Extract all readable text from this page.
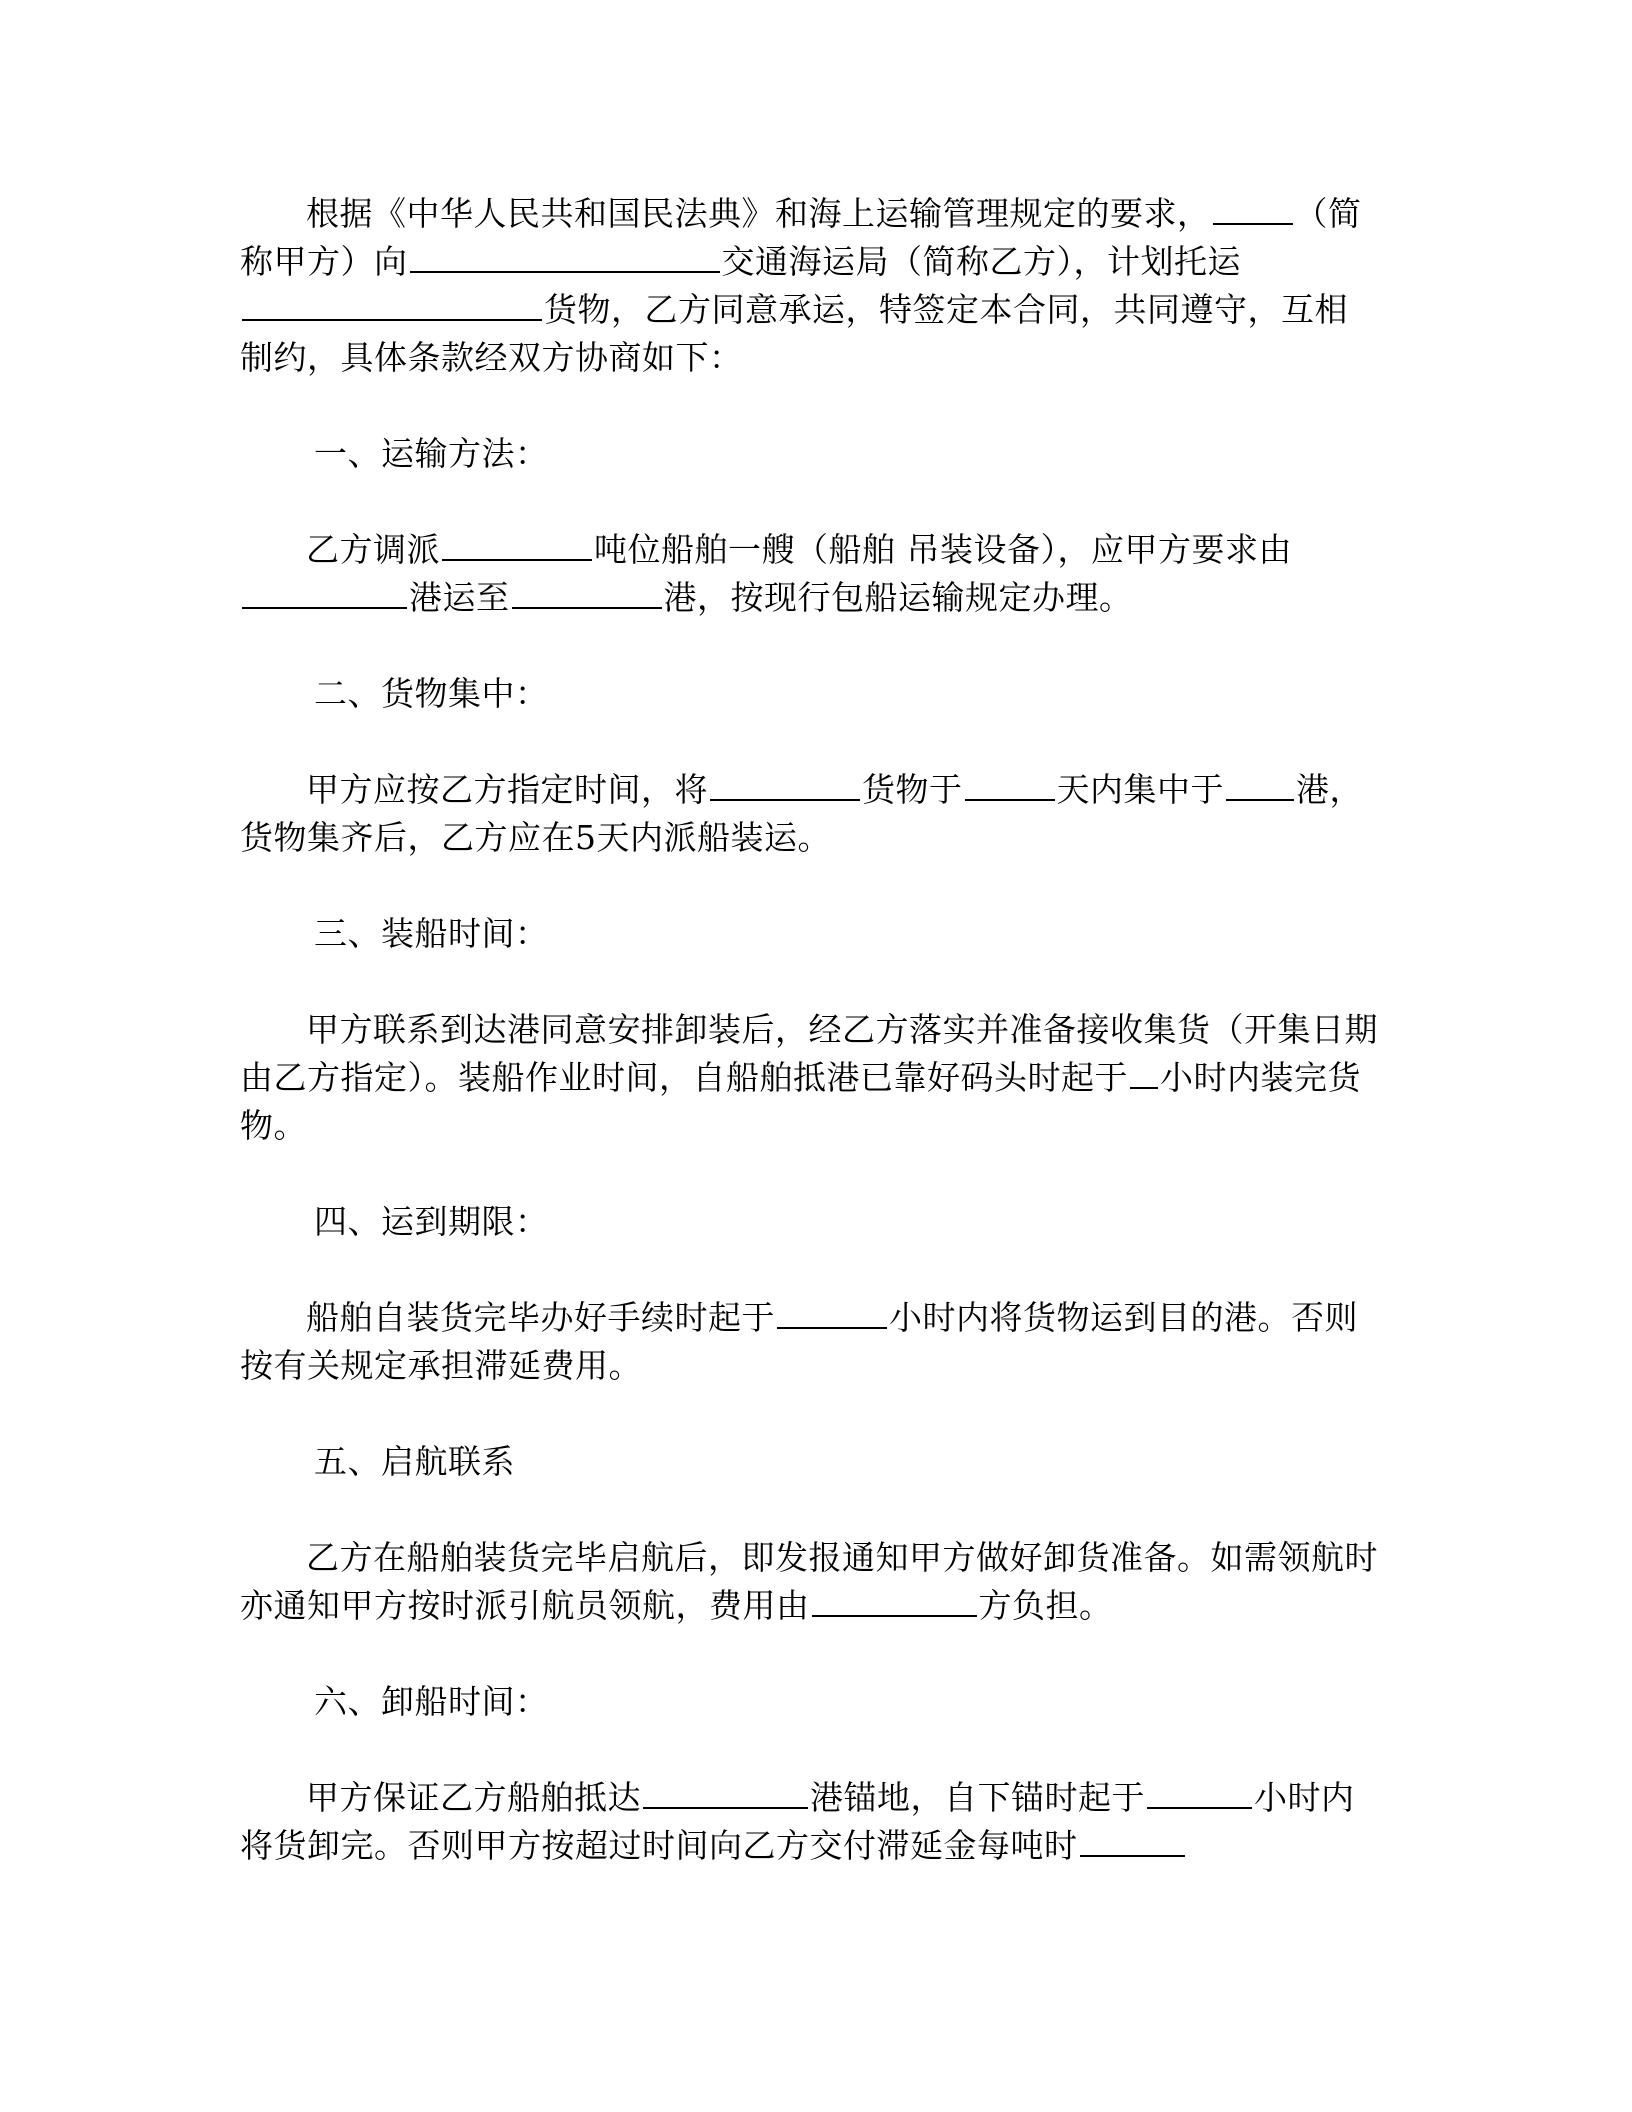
根据《中华人民共和国民法典》和海上运输管理规定的要求，	（简称甲方）向	交通海运局（简称乙方），计划托运货物，乙方同意承运，特签定本合同，共同遵守，互相制约，具体条款经双方协商如下：

一、运输方法：

乙方调派	吨位船舶一艘（船舶 吊装设备），应甲方要求由港运至	港，按现行包船运输规定办理。

二、货物集中：

甲方应按乙方指定时间，将	货物于	天内集中于 港，货物集齐后，乙方应在5天内派船装运。

三、装船时间：

甲方联系到达港同意安排卸装后，经乙方落实并准备接收集货（开集日期由乙方指定）。装船作业时间，自船舶抵港已靠好码头时起于 小时内装完货物。

四、运到期限：

船舶自装货完毕办好手续时起于	小时内将货物运到目的港。否则按有关规定承担滞延费用。

五、启航联系

乙方在船舶装货完毕启航后，即发报通知甲方做好卸货准备。如需领航时亦通知甲方按时派引航员领航，费用由	方负担。

六、卸船时间：

甲方保证乙方船舶抵达	港锚地，自下锚时起于	小时内将货卸完。否则甲方按超过时间向乙方交付滞延金每吨时
